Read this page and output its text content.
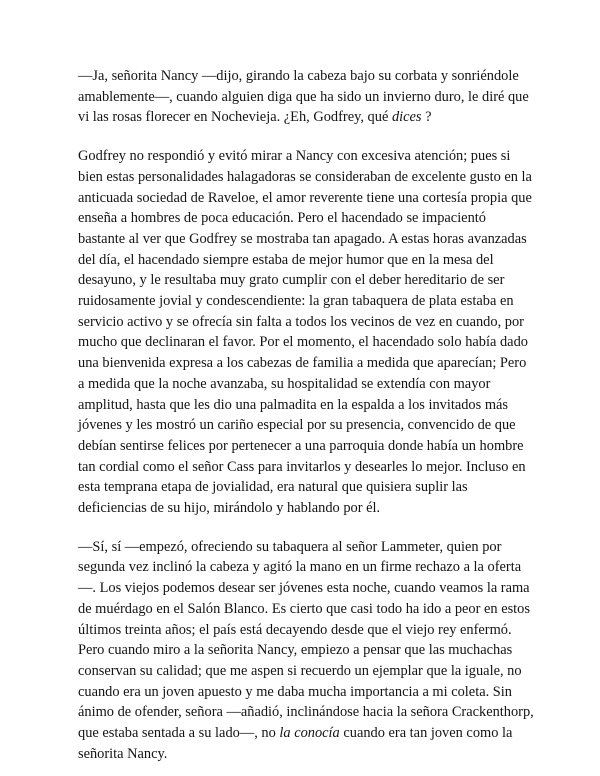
—Ja, señorita Nancy —dijo, girando la cabeza bajo su corbata y sonriéndole amablemente—, cuando alguien diga que ha sido un invierno duro, le diré que vi las rosas florecer en Nochevieja. ¿Eh, Godfrey, qué dices ?

Godfrey no respondió y evitó mirar a Nancy con excesiva atención; pues si bien estas personalidades halagadoras se consideraban de excelente gusto en la anticuada sociedad de Raveloe, el amor reverente tiene una cortesía propia que enseña a hombres de poca educación. Pero el hacendado se impacientó bastante al ver que Godfrey se mostraba tan apagado. A estas horas avanzadas del día, el hacendado siempre estaba de mejor humor que en la mesa del desayuno, y le resultaba muy grato cumplir con el deber hereditario de ser ruidosamente jovial y condescendiente: la gran tabaquera de plata estaba en servicio activo y se ofrecía sin falta a todos los vecinos de vez en cuando, por mucho que declinaran el favor. Por el momento, el hacendado solo había dado una bienvenida expresa a los cabezas de familia a medida que aparecían; Pero a medida que la noche avanzaba, su hospitalidad se extendía con mayor amplitud, hasta que les dio una palmadita en la espalda a los invitados más jóvenes y les mostró un cariño especial por su presencia, convencido de que debían sentirse felices por pertenecer a una parroquia donde había un hombre tan cordial como el señor Cass para invitarlos y desearles lo mejor. Incluso en esta temprana etapa de jovialidad, era natural que quisiera suplir las deficiencias de su hijo, mirándolo y hablando por él.

—Sí, sí —empezó, ofreciendo su tabaquera al señor Lammeter, quien por segunda vez inclinó la cabeza y agitó la mano en un firme rechazo a la oferta—. Los viejos podemos desear ser jóvenes esta noche, cuando veamos la rama de muérdago en el Salón Blanco. Es cierto que casi todo ha ido a peor en estos últimos treinta años; el país está decayendo desde que el viejo rey enfermó. Pero cuando miro a la señorita Nancy, empiezo a pensar que las muchachas conservan su calidad; que me aspen si recuerdo un ejemplar que la iguale, no cuando era un joven apuesto y me daba mucha importancia a mi coleta. Sin ánimo de ofender, señora —añadió, inclinándose hacia la señora Crackenthorp, que estaba sentada a su lado—, no la conocía cuando era tan joven como la señorita Nancy.
